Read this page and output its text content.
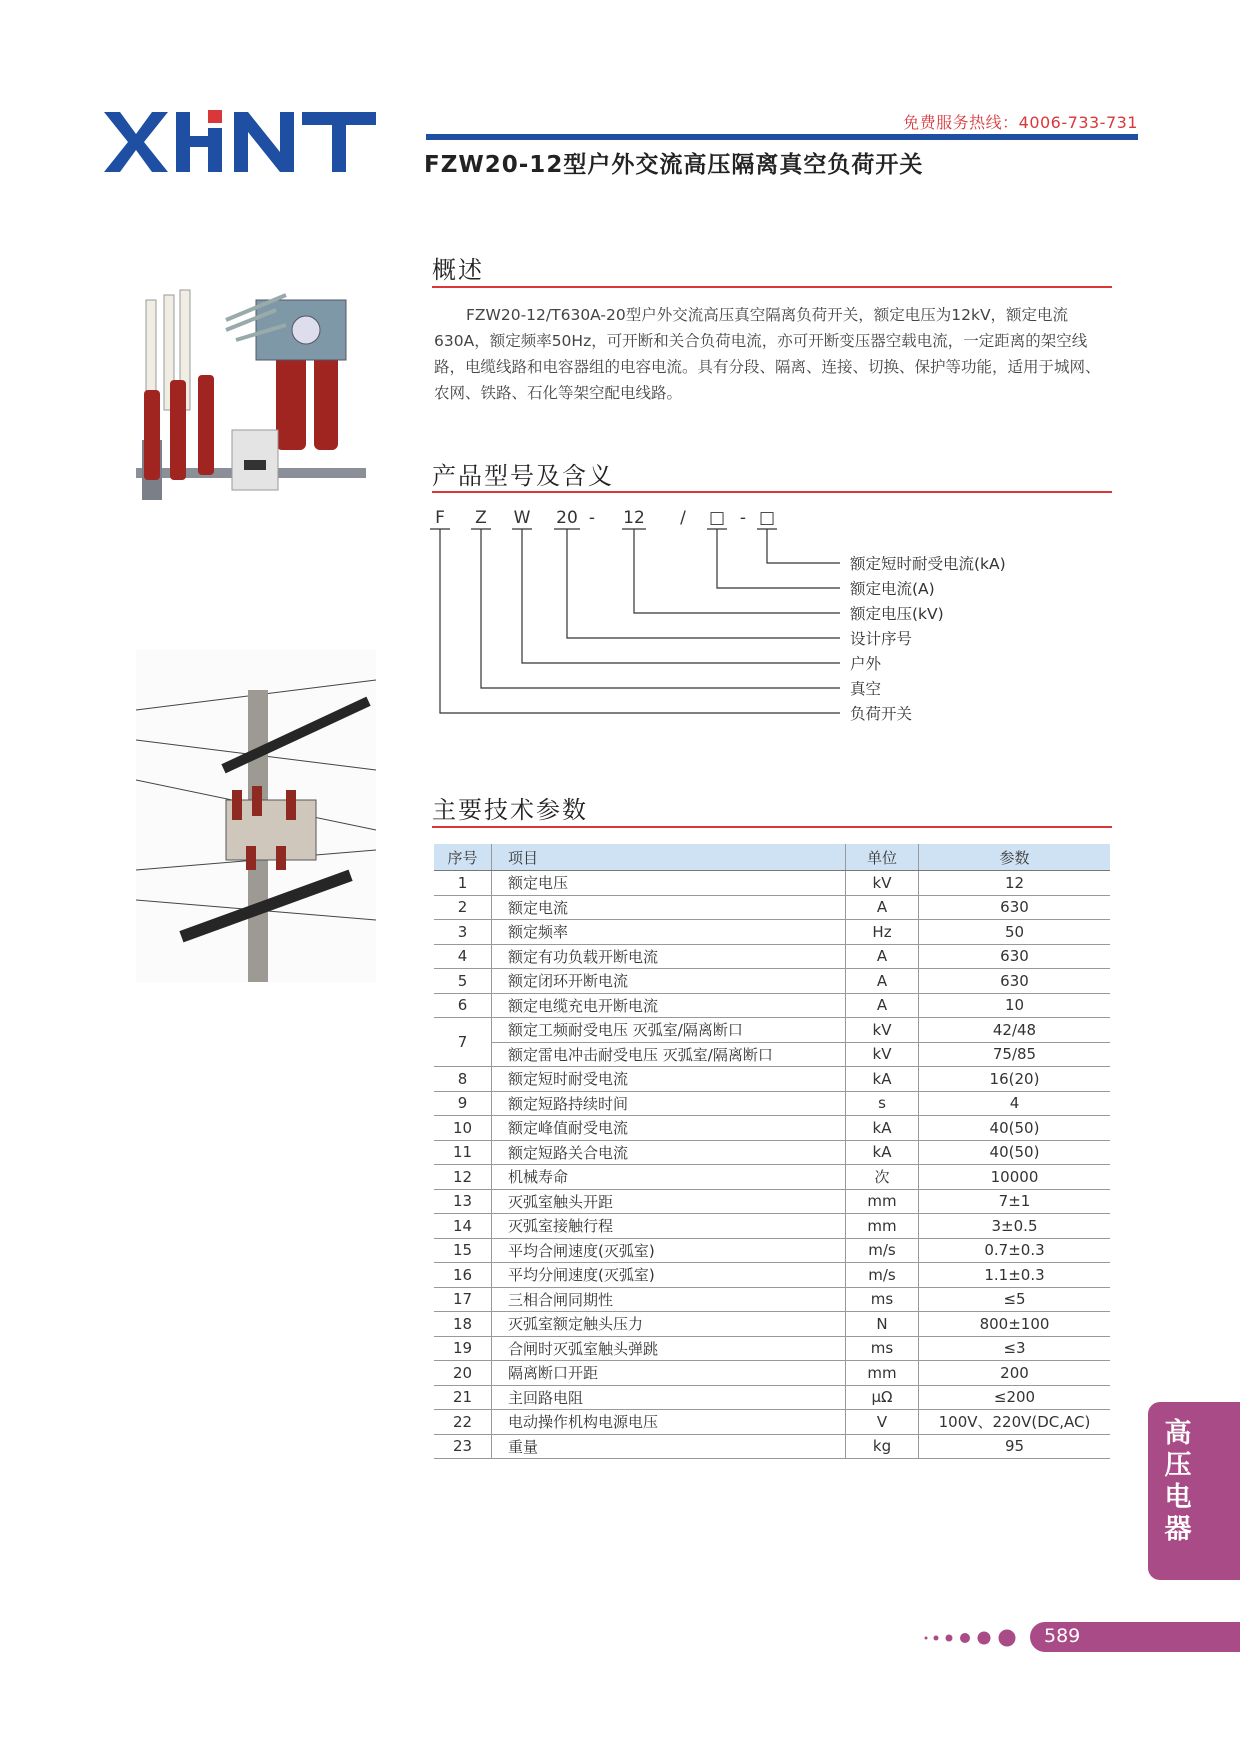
XHNT
免费服务热线：4006-733-731
FZW20-12型户外交流高压隔离真空负荷开关
概述
FZW20-12/T630A-20型户外交流高压真空隔离负荷开关，额定电压为12kV，额定电流630A，额定频率50Hz，可开断和关合负荷电流，亦可开断变压器空载电流，一定距离的架空线路，电缆线路和电容器组的电容电流。具有分段、隔离、连接、切换、保护等功能，适用于城网、农网、铁路、石化等架空配电线路。
产品型号及含义
F Z W 20 - 12 / □ - □
额定短时耐受电流(kA)
额定电流(A)
额定电压(kV)
设计序号
户外
真空
负荷开关
主要技术参数
序号	项目	单位	参数
1	额定电压	kV	12
2	额定电流	A	630
3	额定频率	Hz	50
4	额定有功负载开断电流	A	630
5	额定闭环开断电流	A	630
6	额定电缆充电开断电流	A	10
7	额定工频耐受电压 灭弧室/隔离断口	kV	42/48
	额定雷电冲击耐受电压 灭弧室/隔离断口	kV	75/85
8	额定短时耐受电流	kA	16(20)
9	额定短路持续时间	s	4
10	额定峰值耐受电流	kA	40(50)
11	额定短路关合电流	kA	40(50)
12	机械寿命	次	10000
13	灭弧室触头开距	mm	7±1
14	灭弧室接触行程	mm	3±0.5
15	平均合闸速度(灭弧室)	m/s	0.7±0.3
16	平均分闸速度(灭弧室)	m/s	1.1±0.3
17	三相合闸同期性	ms	≤5
18	灭弧室额定触头压力	N	800±100
19	合闸时灭弧室触头弹跳	ms	≤3
20	隔离断口开距	mm	200
21	主回路电阻	μΩ	≤200
22	电动操作机构电源电压	V	100V、220V(DC,AC)
23	重量	kg	95	高
压
电
器
589
